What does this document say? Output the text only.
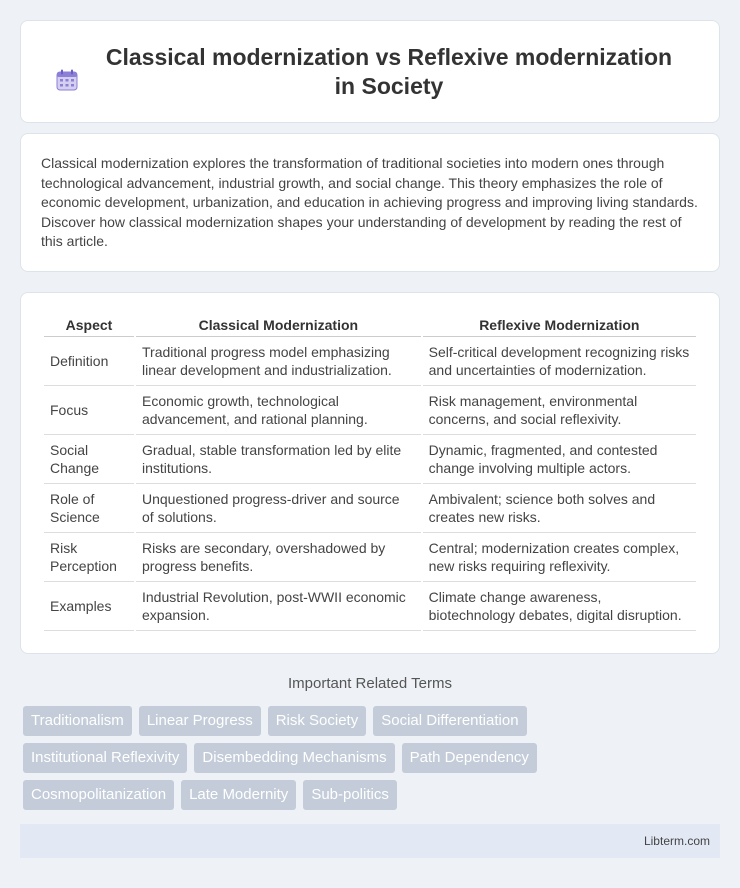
Classical modernization vs Reflexive modernization in Society

Classical modernization explores the transformation of traditional societies into modern ones through technological advancement, industrial growth, and social change. This theory emphasizes the role of economic development, urbanization, and education in achieving progress and improving living standards. Discover how classical modernization shapes your understanding of development by reading the rest of this article.

Aspect	Classical Modernization	Reflexive Modernization
Definition	Traditional progress model emphasizing linear development and industrialization.	Self-critical development recognizing risks and uncertainties of modernization.
Focus	Economic growth, technological advancement, and rational planning.	Risk management, environmental concerns, and social reflexivity.
Social Change	Gradual, stable transformation led by elite institutions.	Dynamic, fragmented, and contested change involving multiple actors.
Role of Science	Unquestioned progress-driver and source of solutions.	Ambivalent; science both solves and creates new risks.
Risk Perception	Risks are secondary, overshadowed by progress benefits.	Central; modernization creates complex, new risks requiring reflexivity.
Examples	Industrial Revolution, post-WWII economic expansion.	Climate change awareness, biotechnology debates, digital disruption.
Important Related Terms
Traditionalism	Linear Progress	Risk Society	Social Differentiation
Institutional Reflexivity	Disembedding Mechanisms	Path Dependency
Cosmopolitanization	Late Modernity	Sub-politics
Libterm.com
